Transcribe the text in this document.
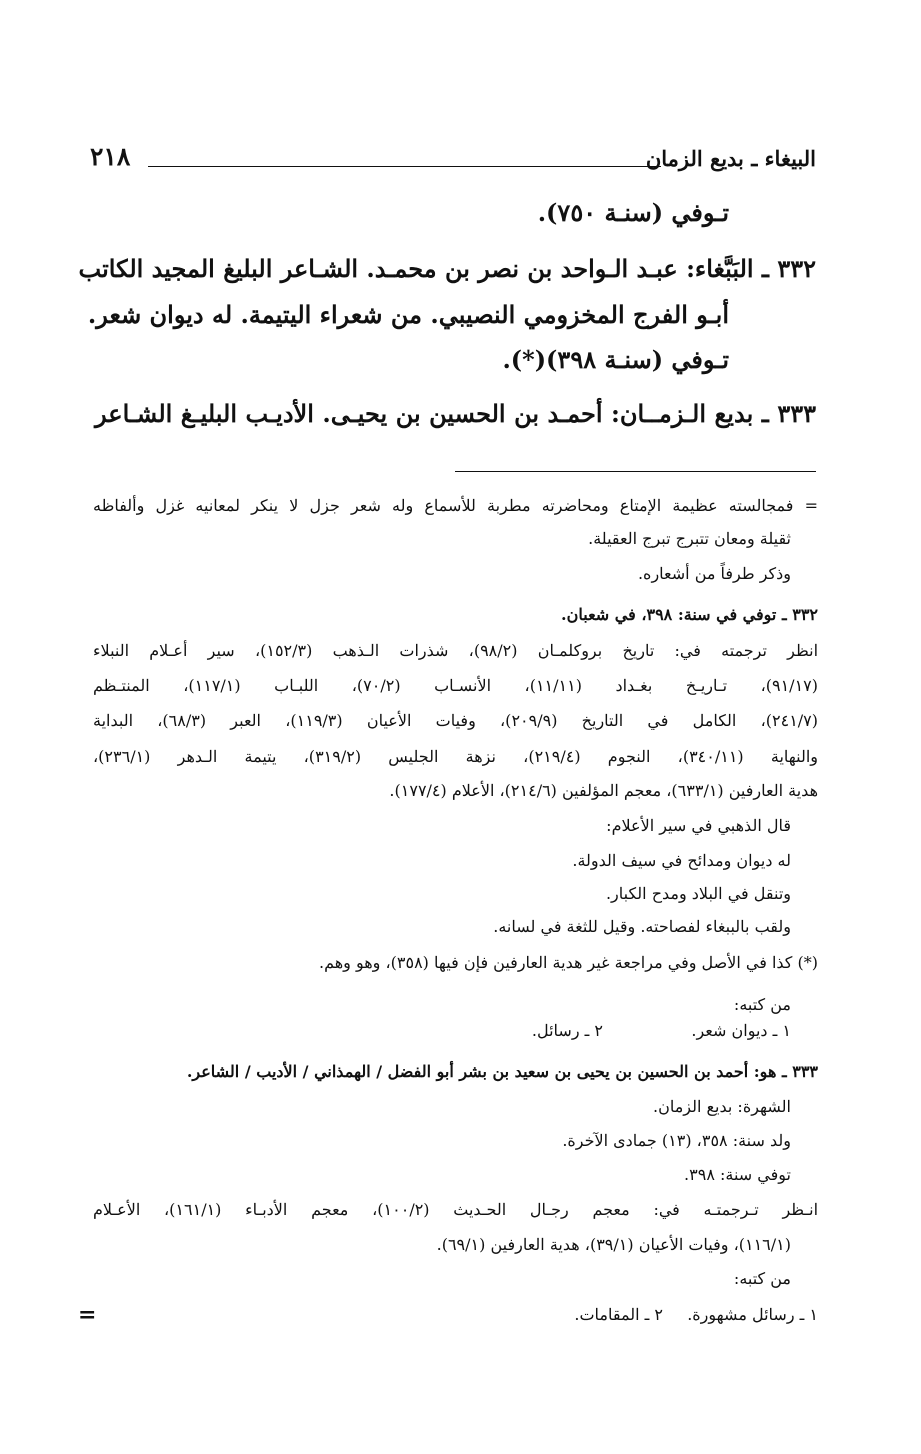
البيغاء ـ بديع الزمان
٢١٨
تـوفي (سنـة ٧٥٠).
٣٣٢ ـ البَبَّغاء: عبـد الـواحد بن نصر بن محمـد. الشـاعر البليغ المجيد الكاتب
أبـو الفرج المخزومي النصيبي. من شعراء اليتيمة. له ديوان شعر.
تـوفي (سنـة ٣٩٨)(*).
٣٣٣ ـ بديع الـزمــان: أحمـد بن الحسين بن يحيـى. الأديـب البليـغ الشـاعر
= فمجالسته عظيمة الإمتاع ومحاضرته مطربة للأسماع وله شعر جزل لا ينكر لمعانيه غزل وألفاظه
ثقيلة ومعان تتبرج تبرج العقيلة.
وذكر طرفاً من أشعاره.
٣٣٢ ـ توفي في سنة: ٣٩٨، في شعبان.
انظر ترجمته في: تاريخ بروكلمـان (٩٨/٢)، شذرات الـذهب (١٥٢/٣)، سير أعـلام النبلاء
(٩١/١٧)، تـاريـخ بغـداد (١١/١١)، الأنسـاب (٧٠/٢)، اللبـاب (١١٧/١)، المنتـظم
(٢٤١/٧)، الكامل في التاريخ (٢٠٩/٩)، وفيات الأعيان (١١٩/٣)، العبر (٦٨/٣)، البداية
والنهاية (٣٤٠/١١)، النجوم (٢١٩/٤)، نزهة الجليس (٣١٩/٢)، يتيمة الـدهر (٢٣٦/١)،
هدية العارفين (٦٣٣/١)، معجم المؤلفين (٢١٤/٦)، الأعلام (١٧٧/٤).
قال الذهبي في سير الأعلام:
له ديوان ومدائح في سيف الدولة.
وتنقل في البلاد ومدح الكبار.
ولقب بالببغاء لفصاحته. وقيل للثغة في لسانه.
(*) كذا في الأصل وفي مراجعة غير هدية العارفين فإن فيها (٣٥٨)، وهو وهم.
من كتبه:
١ ـ ديوان شعر.
٢ ـ رسائل.
٣٣٣ ـ هو: أحمد بن الحسين بن يحيى بن سعيد بن بشر أبو الفضل / الهمذاني / الأديب / الشاعر.
الشهرة: بديع الزمان.
ولد سنة: ٣٥٨، (١٣) جمادى الآخرة.
توفي سنة: ٣٩٨.
انـظر تـرجمتـه في: معجم رجـال الحـديث (١٠٠/٢)، معجم الأدبـاء (١٦١/١)، الأعـلام
(١١٦/١)، وفيات الأعيان (٣٩/١)، هدية العارفين (٦٩/١).
من كتبه:
١ ـ رسائل مشهورة.
٢ ـ المقامات.
=
